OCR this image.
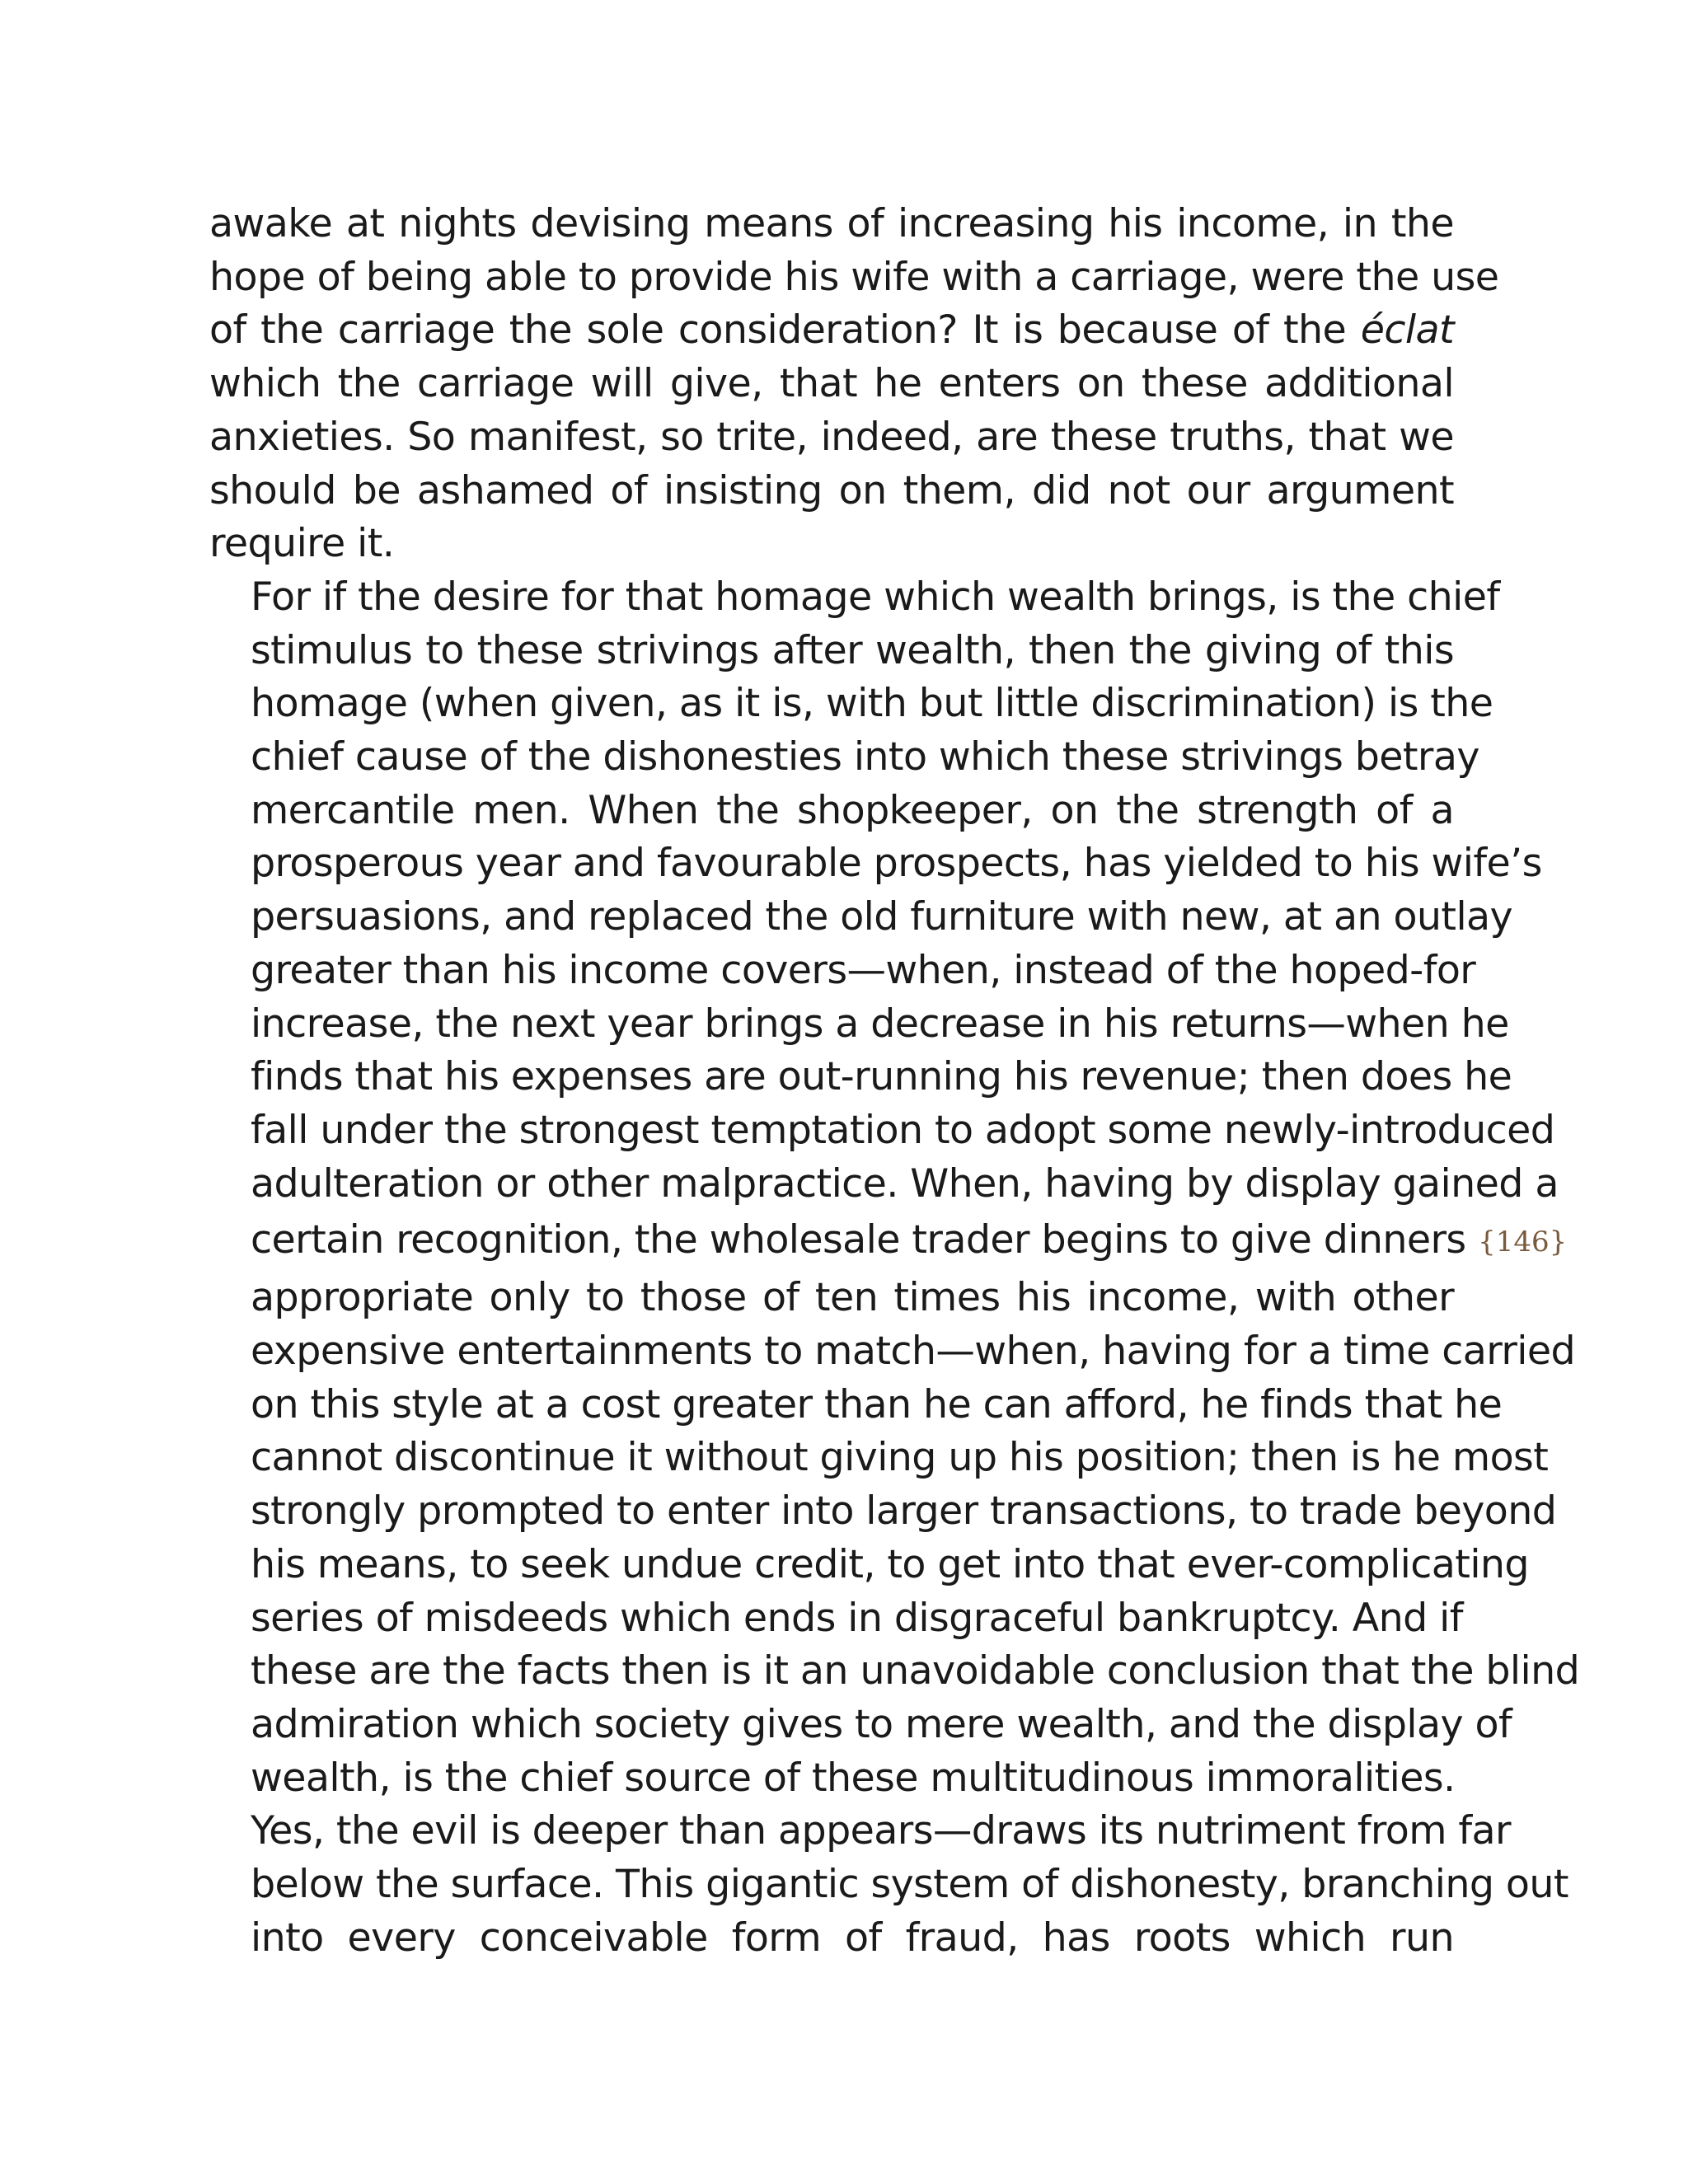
awake at nights devising means of increasing his income, in the
hope of being able to provide his wife with a carriage, were the use
of the carriage the sole consideration? It is because of the éclat
which the carriage will give, that he enters on these additional
anxieties. So manifest, so trite, indeed, are these truths, that we
should be ashamed of insisting on them, did not our argument
require it.

For if the desire for that homage which wealth brings, is the chief
stimulus to these strivings after wealth, then the giving of this
homage (when given, as it is, with but little discrimination) is the
chief cause of the dishonesties into which these strivings betray
mercantile men. When the shopkeeper, on the strength of a
prosperous year and favourable prospects, has yielded to his wife’s
persuasions, and replaced the old furniture with new, at an outlay
greater than his income covers—when, instead of the hoped-for
increase, the next year brings a decrease in his returns—when he
finds that his expenses are out-running his revenue; then does he
fall under the strongest temptation to adopt some newly-introduced
adulteration or other malpractice. When, having by display gained a
certain recognition, the wholesale trader begins to give dinners {146}
appropriate only to those of ten times his income, with other
expensive entertainments to match—when, having for a time carried
on this style at a cost greater than he can afford, he finds that he
cannot discontinue it without giving up his position; then is he most
strongly prompted to enter into larger transactions, to trade beyond
his means, to seek undue credit, to get into that ever-complicating
series of misdeeds which ends in disgraceful bankruptcy. And if
these are the facts then is it an unavoidable conclusion that the blind
admiration which society gives to mere wealth, and the display of
wealth, is the chief source of these multitudinous immoralities.

Yes, the evil is deeper than appears—draws its nutriment from far
below the surface. This gigantic system of dishonesty, branching out
into every conceivable form of fraud, has roots which run
